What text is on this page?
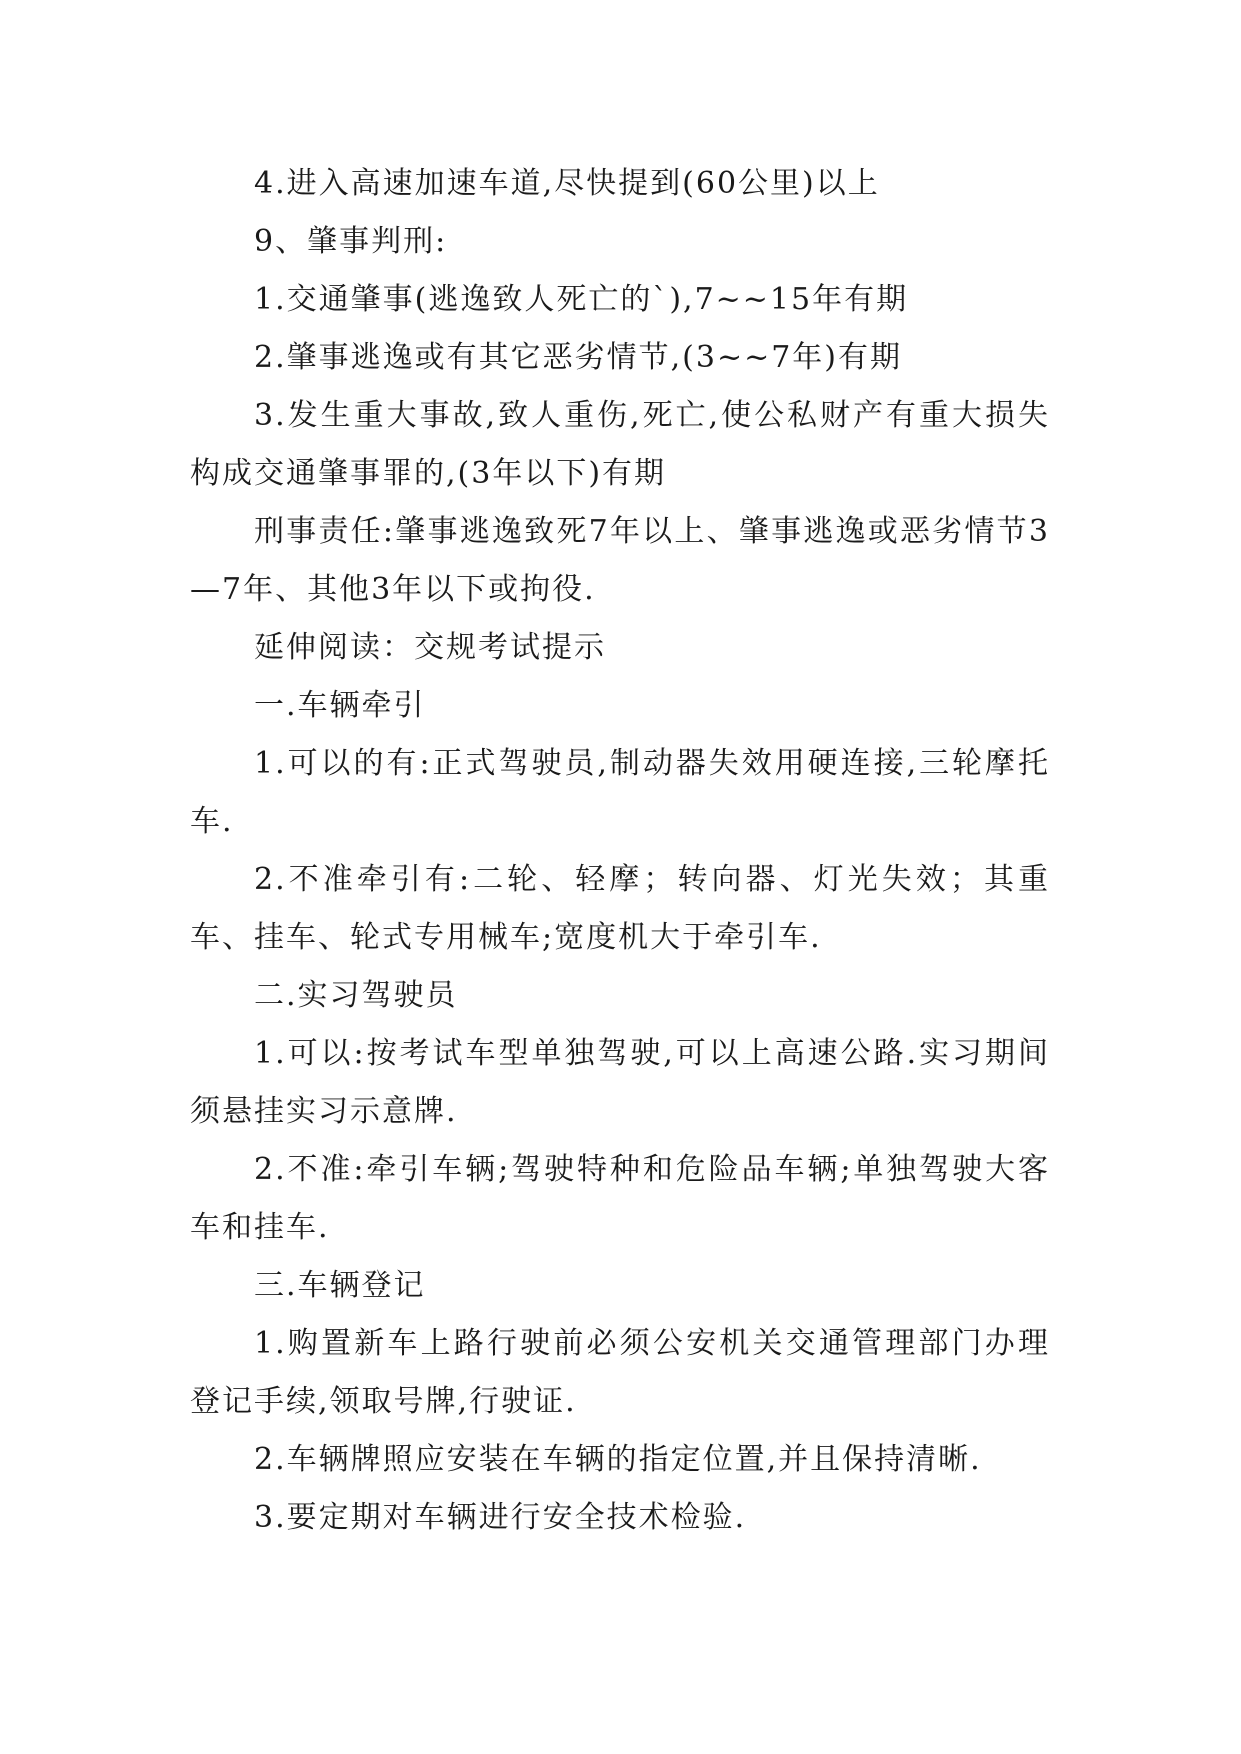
4.进入高速加速车道,尽快提到(60公里)以上

9、肇事判刑:

1.交通肇事(逃逸致人死亡的`),7~~15年有期

2.肇事逃逸或有其它恶劣情节,(3~~7年)有期

3.发生重大事故,致人重伤,死亡,使公私财产有重大损失构成交通肇事罪的,(3年以下)有期

刑事责任:肇事逃逸致死7年以上、肇事逃逸或恶劣情节3—7年、其他3年以下或拘役.

延伸阅读：交规考试提示

一.车辆牵引

1.可以的有:正式驾驶员,制动器失效用硬连接,三轮摩托车.

2.不准牵引有:二轮、轻摩；转向器、灯光失效；其重车、挂车、轮式专用械车;宽度机大于牵引车.

二.实习驾驶员

1.可以:按考试车型单独驾驶,可以上高速公路.实习期间须悬挂实习示意牌.

2.不准:牵引车辆;驾驶特种和危险品车辆;单独驾驶大客车和挂车.

三.车辆登记

1.购置新车上路行驶前必须公安机关交通管理部门办理登记手续,领取号牌,行驶证.

2.车辆牌照应安装在车辆的指定位置,并且保持清晰.

3.要定期对车辆进行安全技术检验.
